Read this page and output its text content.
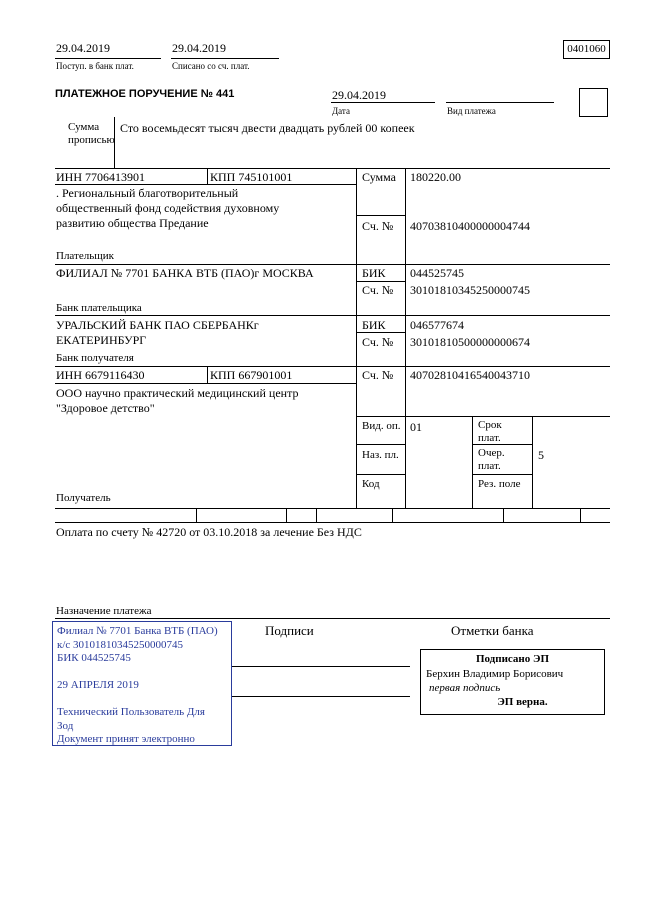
29.04.2019
Поступ. в банк плат.
29.04.2019
Списано со сч. плат.
0401060
ПЛАТЕЖНОЕ ПОРУЧЕНИЕ № 441	29.04.2019
Дата	Вид платежа
Сумма
прописью
Сто восемьдесят тысяч двести двадцать рублей 00 копеек
ИНН 7706413901	КПП 745101001
. Региональный благотворительный
общественный фонд содействия духовному
развитию общества Предание
Плательщик
Сумма 180220.00
Сч. № 40703810400000004744
ФИЛИАЛ № 7701 БАНКА ВТБ (ПАО)г МОСКВА
Банк плательщика
БИК 044525745
Сч. № 30101810345250000745
УРАЛЬСКИЙ БАНК ПАО СБЕРБАНКг
ЕКАТЕРИНБУРГ
Банк получателя
БИК 046577674
Сч. № 30101810500000000674
ИНН 6679116430	КПП 667901001
ООО научно практический медицинский центр
"Здоровое детство"
Сч. № 40702810416540043710
Вид. оп. 01
Наз. пл.
Код
Срок
плат.
Очер.
плат.
5
Рез. поле
Получатель
Оплата по счету № 42720 от 03.10.2018 за лечение Без НДС
Назначение платежа
Филиал № 7701 Банка ВТБ (ПАО)
к/с 30101810345250000745
БИК 044525745
29 АПРЕЛЯ 2019
Технический Пользователь Для
Зод
Документ принят электронно
Подписи	Отметки банка
Подписано ЭП
Берхин Владимир Борисович
первая подпись
ЭП верна.
